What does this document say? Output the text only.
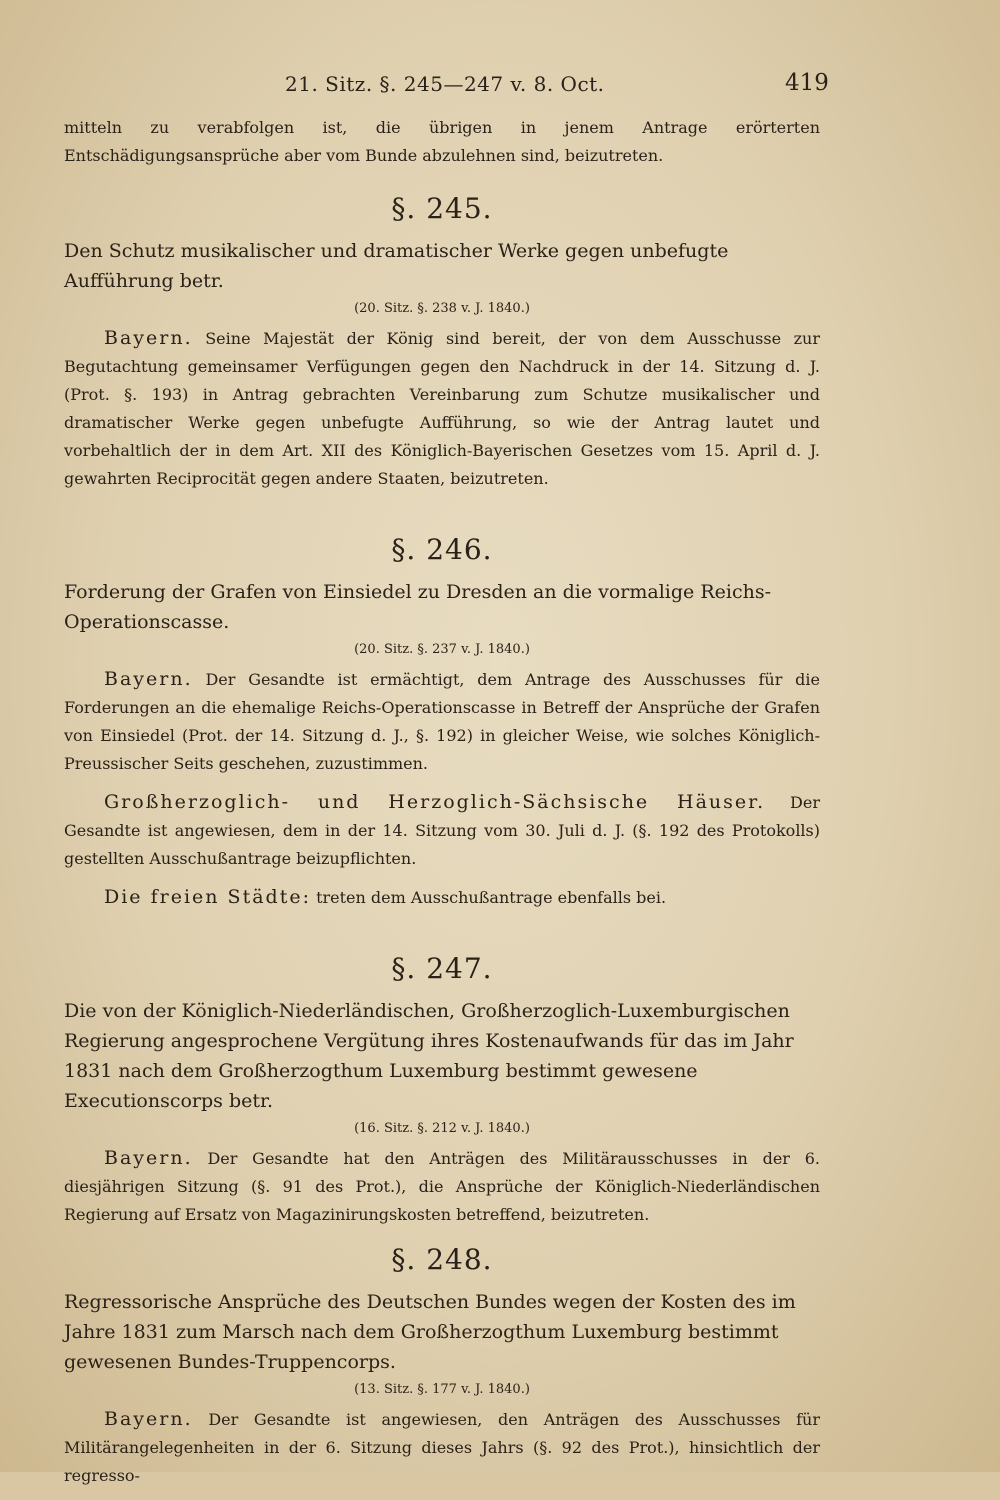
21. Sitz. §. 245—247 v. 8. Oct.	419

mitteln zu verabfolgen ist, die übrigen in jenem Antrage erörterten Entschädigungsansprüche aber vom Bunde abzulehnen sind, beizutreten.

§. 245.
Den Schutz musikalischer und dramatischer Werke gegen unbefugte Aufführung betr.
(20. Sitz. §. 238 v. J. 1840.)

Bayern. Seine Majestät der König sind bereit, der von dem Ausschusse zur Begutachtung gemeinsamer Verfügungen gegen den Nachdruck in der 14. Sitzung d. J. (Prot. §. 193) in Antrag gebrachten Vereinbarung zum Schutze musikalischer und dramatischer Werke gegen unbefugte Aufführung, so wie der Antrag lautet und vorbehaltlich der in dem Art. XII des Königlich-Bayerischen Gesetzes vom 15. April d. J. gewahrten Reciprocität gegen andere Staaten, beizutreten.

§. 246.
Forderung der Grafen von Einsiedel zu Dresden an die vormalige Reichs-Operationscasse.
(20. Sitz. §. 237 v. J. 1840.)

Bayern. Der Gesandte ist ermächtigt, dem Antrage des Ausschusses für die Forderungen an die ehemalige Reichs-Operationscasse in Betreff der Ansprüche der Grafen von Einsiedel (Prot. der 14. Sitzung d. J., §. 192) in gleicher Weise, wie solches Königlich-Preussischer Seits geschehen, zuzustimmen.

Großherzoglich- und Herzoglich-Sächsische Häuser. Der Gesandte ist angewiesen, dem in der 14. Sitzung vom 30. Juli d. J. (§. 192 des Protokolls) gestellten Ausschußantrage beizupflichten.

Die freien Städte: treten dem Ausschußantrage ebenfalls bei.

§. 247.
Die von der Königlich-Niederländischen, Großherzoglich-Luxemburgischen Regierung angesprochene Vergütung ihres Kostenaufwands für das im Jahr 1831 nach dem Großherzogthum Luxemburg bestimmt gewesene Executionscorps betr.
(16. Sitz. §. 212 v. J. 1840.)

Bayern. Der Gesandte hat den Anträgen des Militärausschusses in der 6. diesjährigen Sitzung (§. 91 des Prot.), die Ansprüche der Königlich-Niederländischen Regierung auf Ersatz von Magazinirungskosten betreffend, beizutreten.

§. 248.
Regressorische Ansprüche des Deutschen Bundes wegen der Kosten des im Jahre 1831 zum Marsch nach dem Großherzogthum Luxemburg bestimmt gewesenen Bundes-Truppencorps.
(13. Sitz. §. 177 v. J. 1840.)

Bayern. Der Gesandte ist angewiesen, den Anträgen des Ausschusses für Militärangelegenheiten in der 6. Sitzung dieses Jahrs (§. 92 des Prot.), hinsichtlich der regresso-
